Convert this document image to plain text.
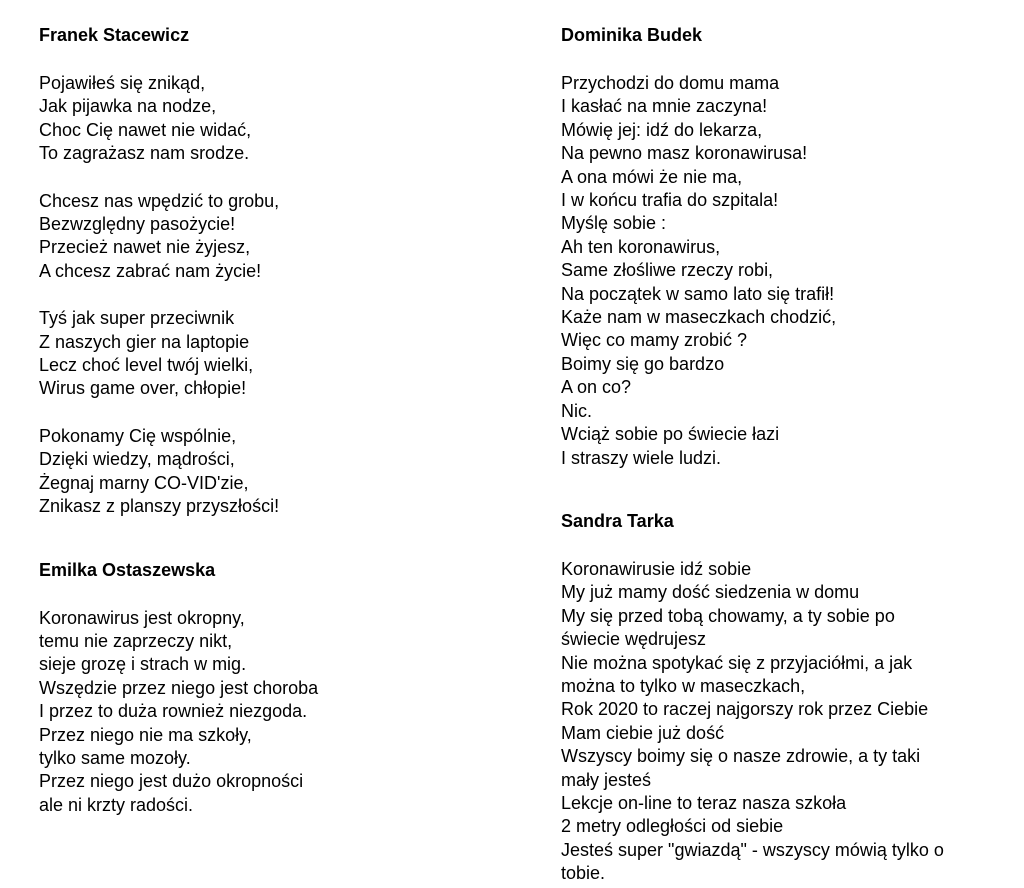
Franek Stacewicz
Pojawiłeś się znikąd,
Jak pijawka na nodze,
Choc Cię nawet nie widać,
To zagrażasz nam srodze.
Chcesz nas wpędzić to grobu,
Bezwzględny pasożycie!
Przecież nawet nie żyjesz,
A chcesz zabrać nam życie!
Tyś jak super przeciwnik
Z naszych gier na laptopie
Lecz choć level twój wielki,
Wirus game over, chłopie!
Pokonamy Cię wspólnie,
Dzięki wiedzy, mądrości,
Żegnaj marny CO-VID'zie,
Znikasz z planszy przyszłości!
Emilka Ostaszewska
Koronawirus jest okropny,
temu nie zaprzeczy nikt,
sieje grozę i strach w mig.
Wszędzie przez niego jest choroba
I przez to duża rownież niezgoda.
Przez niego nie ma szkoły,
tylko same mozoły.
Przez niego jest dużo okropności
ale ni krzty radości.
Dominika Budek
Przychodzi do domu mama
I kasłać na mnie zaczyna!
Mówię jej: idź do lekarza,
Na pewno masz koronawirusa!
A ona mówi że nie ma,
I w końcu trafia do szpitala!
Myślę sobie :
Ah ten koronawirus,
Same złośliwe rzeczy robi,
Na początek w samo lato się trafił!
Każe nam w maseczkach chodzić,
Więc co mamy zrobić ?
Boimy się go bardzo
A on co?
Nic.
Wciąż sobie po świecie łazi
I straszy wiele ludzi.
Sandra Tarka
Koronawirusie idź sobie
My już mamy dość siedzenia w domu
My się przed tobą chowamy, a ty sobie po
świecie wędrujesz
Nie można spotykać się z przyjaciółmi, a jak
można to tylko w maseczkach,
Rok 2020 to raczej najgorszy rok przez Ciebie
Mam ciebie już dość
Wszyscy boimy się o nasze zdrowie, a ty taki
mały jesteś
Lekcje on-line to teraz nasza szkoła
2 metry odległości od siebie
Jesteś super "gwiazdą" - wszyscy mówią tylko o
tobie.
